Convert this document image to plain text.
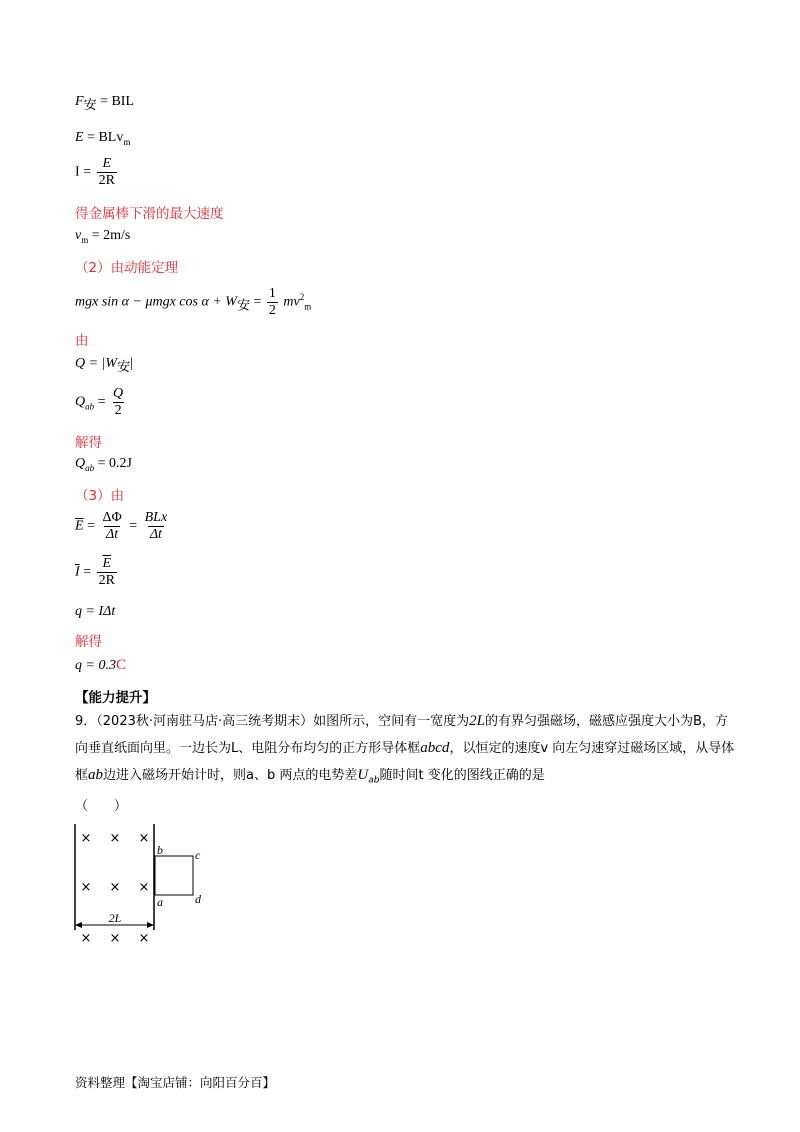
$F_安$ = BIL
E = BLv$_m$
$I = \frac{E}{2R}$
得金属棒下滑的最大速度
$v_m = 2m/s$
（2）由动能定理
mgx sin α − μmgx $\cos \alpha + W_安 = \frac{1}{2} mv^2_m$
由
$Q = |W_安|$
$Q_{ab} = \frac{Q}{2}$
解得
$Q_{ab} = 0.2J$
（3）由
$\overline{E} = \frac{\Delta\Phi}{\Delta t} = \frac{\text{BLx}}{\Delta t}$
$\overline{I} = \frac{\overline{E}}{2R}$
q = IΔt
解得
q = 0.3C
【能力提升】
9．（2023秋·河南驻马店·高三统考期末）如图所示，空间有一宽度为2L的有界匀强磁场，磁感应强度大小为B，方向垂直纸面向里。一边长为L、电阻分布均匀的正方形导体框abcd，以恒定的速度v 向左匀速穿过磁场区域，从导体框ab边进入磁场开始计时，则a、b 两点的电势差$U_{ab}$随时间t 变化的图线正确的是
（　　）
× × ×
× × ×
× × ×
b	c
a	d
2L
资料整理【淘宝店铺：向阳百分百】
